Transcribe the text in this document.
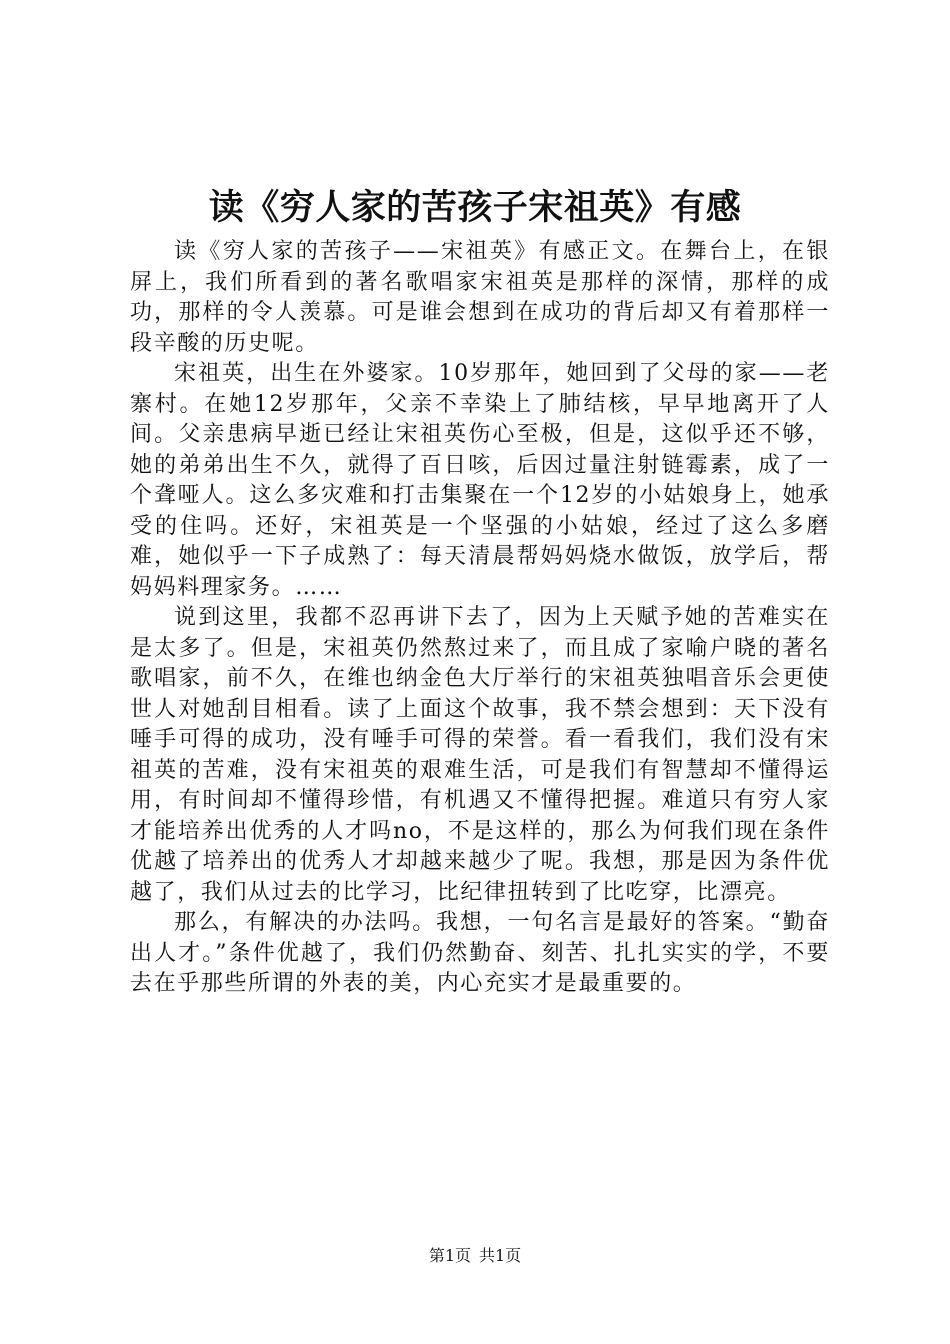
读《穷人家的苦孩子宋祖英》有感

读《穷人家的苦孩子——宋祖英》有感正文。在舞台上，在银屏上，我们所看到的著名歌唱家宋祖英是那样的深情，那样的成功，那样的令人羡慕。可是谁会想到在成功的背后却又有着那样一段辛酸的历史呢。

宋祖英，出生在外婆家。10岁那年，她回到了父母的家——老寨村。在她12岁那年，父亲不幸染上了肺结核，早早地离开了人间。父亲患病早逝已经让宋祖英伤心至极，但是，这似乎还不够，她的弟弟出生不久，就得了百日咳，后因过量注射链霉素，成了一个聋哑人。这么多灾难和打击集聚在一个12岁的小姑娘身上，她承受的住吗。还好，宋祖英是一个坚强的小姑娘，经过了这么多磨难，她似乎一下子成熟了：每天清晨帮妈妈烧水做饭，放学后，帮妈妈料理家务。……

说到这里，我都不忍再讲下去了，因为上天赋予她的苦难实在是太多了。但是，宋祖英仍然熬过来了，而且成了家喻户晓的著名歌唱家，前不久，在维也纳金色大厅举行的宋祖英独唱音乐会更使世人对她刮目相看。读了上面这个故事，我不禁会想到：天下没有唾手可得的成功，没有唾手可得的荣誉。看一看我们，我们没有宋祖英的苦难，没有宋祖英的艰难生活，可是我们有智慧却不懂得运用，有时间却不懂得珍惜，有机遇又不懂得把握。难道只有穷人家才能培养出优秀的人才吗no，不是这样的，那么为何我们现在条件优越了培养出的优秀人才却越来越少了呢。我想，那是因为条件优越了，我们从过去的比学习，比纪律扭转到了比吃穿，比漂亮。

那么，有解决的办法吗。我想，一句名言是最好的答案。“勤奋出人才。”条件优越了，我们仍然勤奋、刻苦、扎扎实实的学，不要去在乎那些所谓的外表的美，内心充实才是最重要的。

第1页 共1页
